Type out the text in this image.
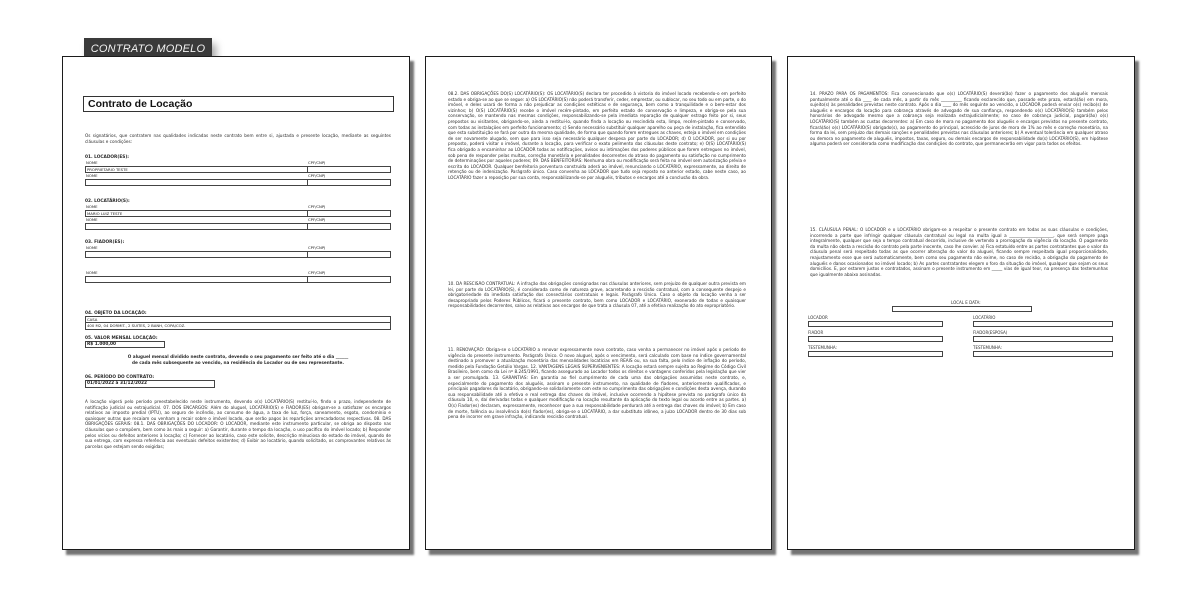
CONTRATO MODELO
Contrato de Locação
Os signatários, que contratem nas qualidades indicadas neste contrato bem entre si, ajustada e presente locação, mediante as seguintes cláusulas e condições:
01. LOCADOR(ES):
NOME	CPF/CNPJ
PROPRIETARIO TESTE
NOME	CPF/CNPJ
02. LOCATÁRIO(S):
NOME	CPF/CNPJ
MARIO LUIZ TESTE
NOME	CPF/CNPJ
03. FIADOR(ES):
NOME	CPF/CNPJ
NOME	CPF/CNPJ
04. OBJETO DA LOCAÇÃO:
CASA
400 M2, 04 DORMIT., 2 SUITES, 2 BANH, COPA/COZ.
05. VALOR MENSAL LOCAÇÃO:
R$ 1.000,00
O aluguel mensal dividido neste contrato, devendo o seu pagamento ser feito até o dia ______ de cada mês subsequente ao vencido, na residência do Locador ou de seu representante.
06. PERÍODO DO CONTRATO:
01/01/2022 à 31/12/2022
A locação vigerá pelo período preestabelecido neste instrumento, devendo o(s) LOCATÁRIO(S) restituí-lo, findo o prazo, independente de notificação judicial ou extrajudicial. 07. DOS ENCARGOS: Além do aluguel, LOCATÁRIO(S) e FIADOR(ES) obrigam-se a satisfazer os encargos relativos ao imposto predial (IPTU), ao seguro de incêndio, ao consumo de água, a taxa de luz, força, saneamento, esgoto, condomínio e quaisquer outras que recaiam ou venham a recair sobre o imóvel locado, que serão pagos às repartições arrecadadoras respectivas. 08. DAS OBRIGAÇÕES GERAIS: 08.1. DAS OBRIGAÇÕES DO LOCADOR: O LOCADOR, mediante este instrumento particular, se obriga ao disposto nas cláusulas que o compõem, bem como às mais a seguir: a) Garantir, durante o tempo da locação, o uso pacífico do imóvel locado; b) Responder pelos vícios ou defeitos anteriores à locação; c) Fornecer ao locatário, caso este solicite, descrição minuciosa do estado do imóvel, quando de sua entrega, com expressa referência aos eventuais defeitos existentes; d) Exibir ao locatário, quando solicitado, os comprovantes relativos às parcelas que estejam sendo exigidas;
08.2. DAS OBRIGAÇÕES DO(S) LOCATÁRIO(S): OS LOCATÁRIO(S) declara ter procedido à vistoria do imóvel locado recebendo-o em perfeito estado e obriga-se ao que se segue: a) OS LOCATÁRIO(S) não poderá transferir, ceder, emprestar, ou sublocar, no seu todo ou em parte, o do imóvel, e deles usará de forma a não prejudicar as condições estéticas e de segurança, bem como a tranquilidade e o bem-estar dos vizinhos; b) O(S) LOCATÁRIO(S) recebe o imóvel recém-pintado, em perfeito estado de conservação e limpeza, e obriga-se pela sua conservação, se mantendo nas mesmas condições, responsabilizando-se pela imediata reparação de qualquer estrago feito por si, seus prepostos ou visitantes, obrigando-se, ainda a restituí-lo, quando finda a locação ou rescindida esta, limpo, recém-pintado e conservado, com todas as instalações em perfeito funcionamento; c) Sendo necessário substituir qualquer aparelho ou peça de instalação, fica entendido que esta substituição se fará por outra da mesma qualidade, de forma que quando forem entregues as chaves, esteja o imóvel em condições de ser novamente alugado, sem que para isso seja necessário qualquer despesa por parte do LOCADOR; d) O LOCADOR, por si ou por preposto, poderá visitar o imóvel, durante a locação, para verificar o exato pelimento das cláusulas deste contrato; e) O(S) LOCATÁRIO(S) fica obrigado a encaminhar ao LOCADOR todas as notificações, avisos ou intimações dos poderes públicos que forem entregues no imóvel, sob pena de responder pelas multas, correção monetária e penalidades decorrentes do atraso do pagamento ou satisfação no cumprimento de determinações por aqueles poderes; 09. DAS BENFEITORIAS: Nenhuma obra ou modificação será feita no imóvel sem autorização prévia e escrita do LOCADOR. Qualquer benfeitoria porventura construída aderá ao imóvel, renunciando o LOCATÁRIO, expressamente, ao direito de retenção ou de indenização. Parágrafo único. Caso convenha ao LOCADOR que tudo seja reposto no anterior estado, cabe neste caso, ao LOCATÁRIO fazer a reposição por sua conta, responsabilizando-se por aluguéis, tributos e encargos até a conclusão da obra.
10. DA RESCISÃO CONTRATUAL: A infração das obrigações consignadas nas cláusulas anteriores, sem prejuízo de qualquer outra prevista em lei, por parte do LOCATÁRIO(S), é considerada como de natureza grave, acarretando a rescisão contratual, com a consequente despejo e obrigatoriedade da imediata satisfação dos consectários contratuais e legais. Parágrafo Único. Caso o objeto da locação venha a ser desapropriado pelos Poderes Públicos, ficará o presente contrato, bem como LOCADOR e LOCATÁRIO, exonerado de todas e quaisquer responsabilidades decorrentes, salvo as relativas aos encargos de que trata a cláusula 07, até a efetiva realização do ato expropriatório.
11. RENOVAÇÃO: Obriga-se o LOCATÁRIO a renovar expressamente novo contrato, caso venha a permanecer no imóvel após o período de vigência do presente instrumento. Parágrafo Único. O novo aluguel, após o vencimento, será calculado com base no índice governamental destinado a promover a atualização monetária das mensalidades locatícias em REAIS ou, na sua falta, pelo índice de inflação do período, medido pela Fundação Getúlio Vargas. 12. VANTAGENS LEGAIS SUPERVENIENTES: A locação estará sempre sujeita ao Regime do Código Civil Brasileiro, bem como da Lei nº 8.245/1991, ficando assegurado ao Locador todos os direitos e vantagens conferidos pela legislação que vier a ser promulgada. 13. GARANTIAS: Em garantia ao fiel cumprimento de cada uma das obrigações assumidas neste contrato, e, especialmente do pagamento dos aluguéis, assinam o presente instrumento, na qualidade de fiadores, anteriormente qualificados, e principais pagadores do locatário, obrigando-se solidariamente com este no cumprimento das obrigações e condições desta avença, durando sua responsabilidade até a efetiva e real entrega das chaves do imóvel, inclusive ocorrendo a hipótese prevista no parágrafo único da cláusula 10, e, daí derivadas todas e qualquer modificação na locação resultante da aplicação do texto legal ou acordo entre as partes. a) O(s) Fiador(es) declaram, expressamente, reconhecer que a sua responsabilidade perdurará até a entrega das chaves do imóvel; b) Em caso de morte, falência ou insolvência do(s) fiador(es), obriga-se o LOCATÁRIO, a dar substituto idôneo, a juízo LOCADOR dentro de 30 dias sob pena de incorrer em grave infração, indicando rescisão contratual.
14. PRAZO PARA OS PAGAMENTOS: Fica convencionado que o(s) LOCATÁRIO(S) deverá(ão) fazer o pagamento dos aluguéis mensais pontualmente até o dia ____ de cada mês, a partir do mês __________ ficando esclarecido que, passado este prazo, estará(ão) em mora, sujeito(s) às penalidades previstas neste contrato. Após o dia ____ do mês seguinte ao vencido, o LOCADOR poderá enviar o(s) recibo(s) de aluguéis e encargos da locação para cobrança através de advogado de sua confiança, respondendo o(s) LOCATÁRIO(S) também pelos honorários de advogado mesmo que a cobrança seja realizada extrajudicialmente; no caso de cobrança judicial, pagará(ão) o(s) LOCATÁRIO(S) também as custas decorrentes: a) Em caso de mora no pagamento dos aluguéis e encargos previstos no presente contrato, ficará(ão) o(s) LOCATÁRIO(S) obrigado(s), ao pagamento do principal, acrescido de juros de mora de 1% ao mês e correção monetária, na forma da lei, sem prejuízo das demais sanções e penalidades previstas nas cláusulas anteriores; b) A eventual tolerância em qualquer atraso ou demora no pagamento de aluguéis, impostos, taxas, seguro, ou demais encargos de responsabilidade do(s) LOCATÁRIO(S), em hipótese alguma poderá ser considerada como modificação das condições do contrato, que permanecerão em vigor para todos os efeitos.
15. CLÁUSULA PENAL: O LOCADOR e o LOCATÁRIO obrigam-se a respeitar o presente contrato em todas as suas cláusulas e condições, incorrendo a parte que infringir qualquer cláusula contratual ou legal na multa igual a _____________________, que será sempre paga integralmente, qualquer que seja o tempo contratual decorrido, inclusive de vertendo a prorrogação da vigência da locação. O pagamento da multa não obsta a rescisão do contrato pela parte inocente, caso lhe convier. a) Fica estatuído entre as partes contratantes que o valor da cláusula penal será respeitado todas as que ocorrer alteração do valor do aluguel, ficando sempre respeitada igual proporcionalidade, reajustamento esse que será automaticamente, bem como seu pagamento não exime, no caso de recisão, a obrigação do pagamento de aluguéis e danos ocasionados no imóvel locado; b) As partes contratantes elegem o foro da situação do imóvel, qualquer que sejam os seus domicílios. E, por estarem justos e contratados, assinam o presente instrumento em _____ vias de igual teor, na presença das testemunhas que igualmente abaixo assinadas.
LOCAL E DATA:
LOCADOR	LOCATÁRIO
FIADOR	FIADOR(ESPOSA)
TESTEMUNHA:	TESTEMUNHA:
